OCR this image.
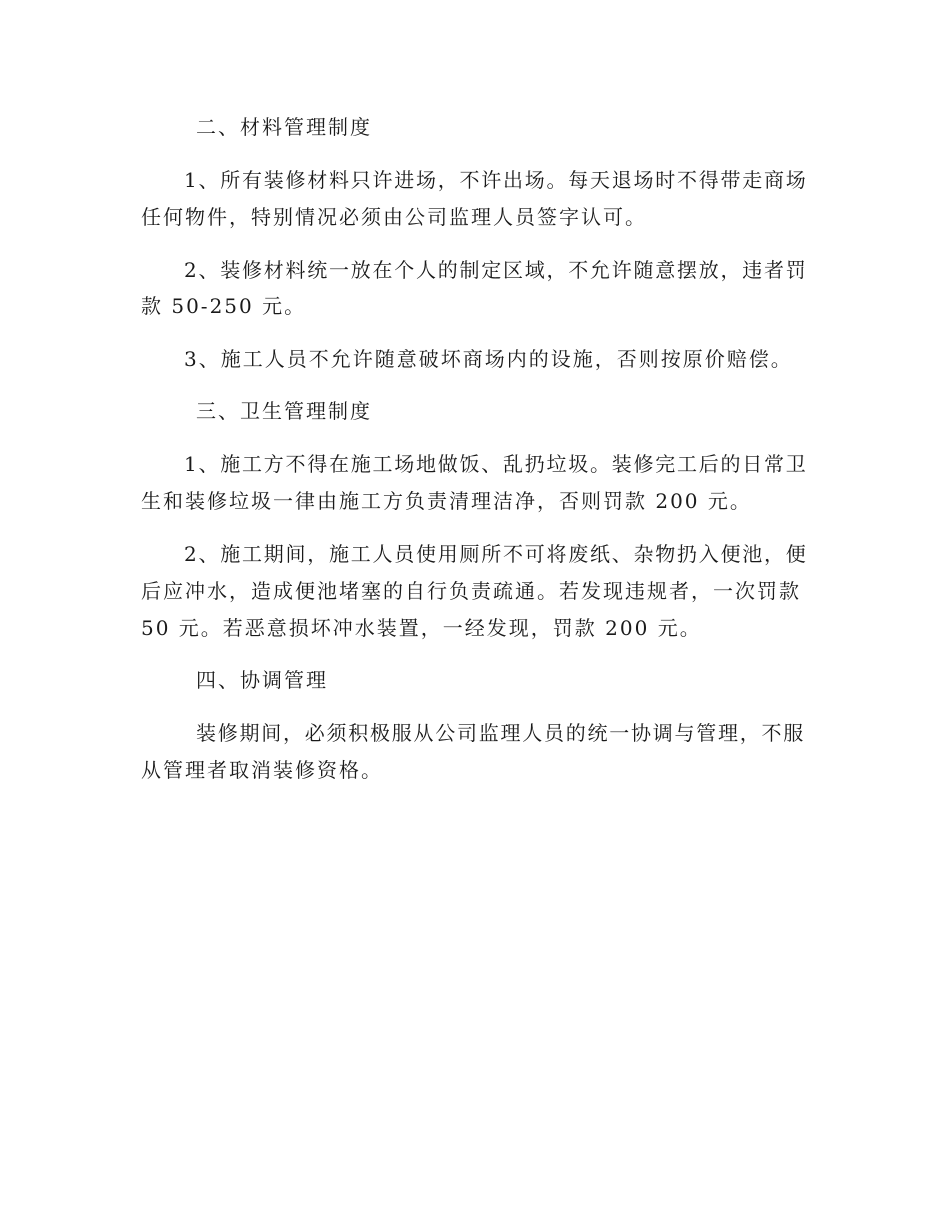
二、材料管理制度
1、所有装修材料只许进场，不许出场。每天退场时不得带走商场
任何物件，特别情况必须由公司监理人员签字认可。
2、装修材料统一放在个人的制定区域，不允许随意摆放，违者罚
款 50-250 元。
3、施工人员不允许随意破坏商场内的设施，否则按原价赔偿。
三、卫生管理制度
1、施工方不得在施工场地做饭、乱扔垃圾。装修完工后的日常卫
生和装修垃圾一律由施工方负责清理洁净，否则罚款 200 元。
2、施工期间，施工人员使用厕所不可将废纸、杂物扔入便池，便
后应冲水，造成便池堵塞的自行负责疏通。若发现违规者，一次罚款
50 元。若恶意损坏冲水装置，一经发现，罚款 200 元。
四、协调管理
装修期间，必须积极服从公司监理人员的统一协调与管理，不服
从管理者取消装修资格。
